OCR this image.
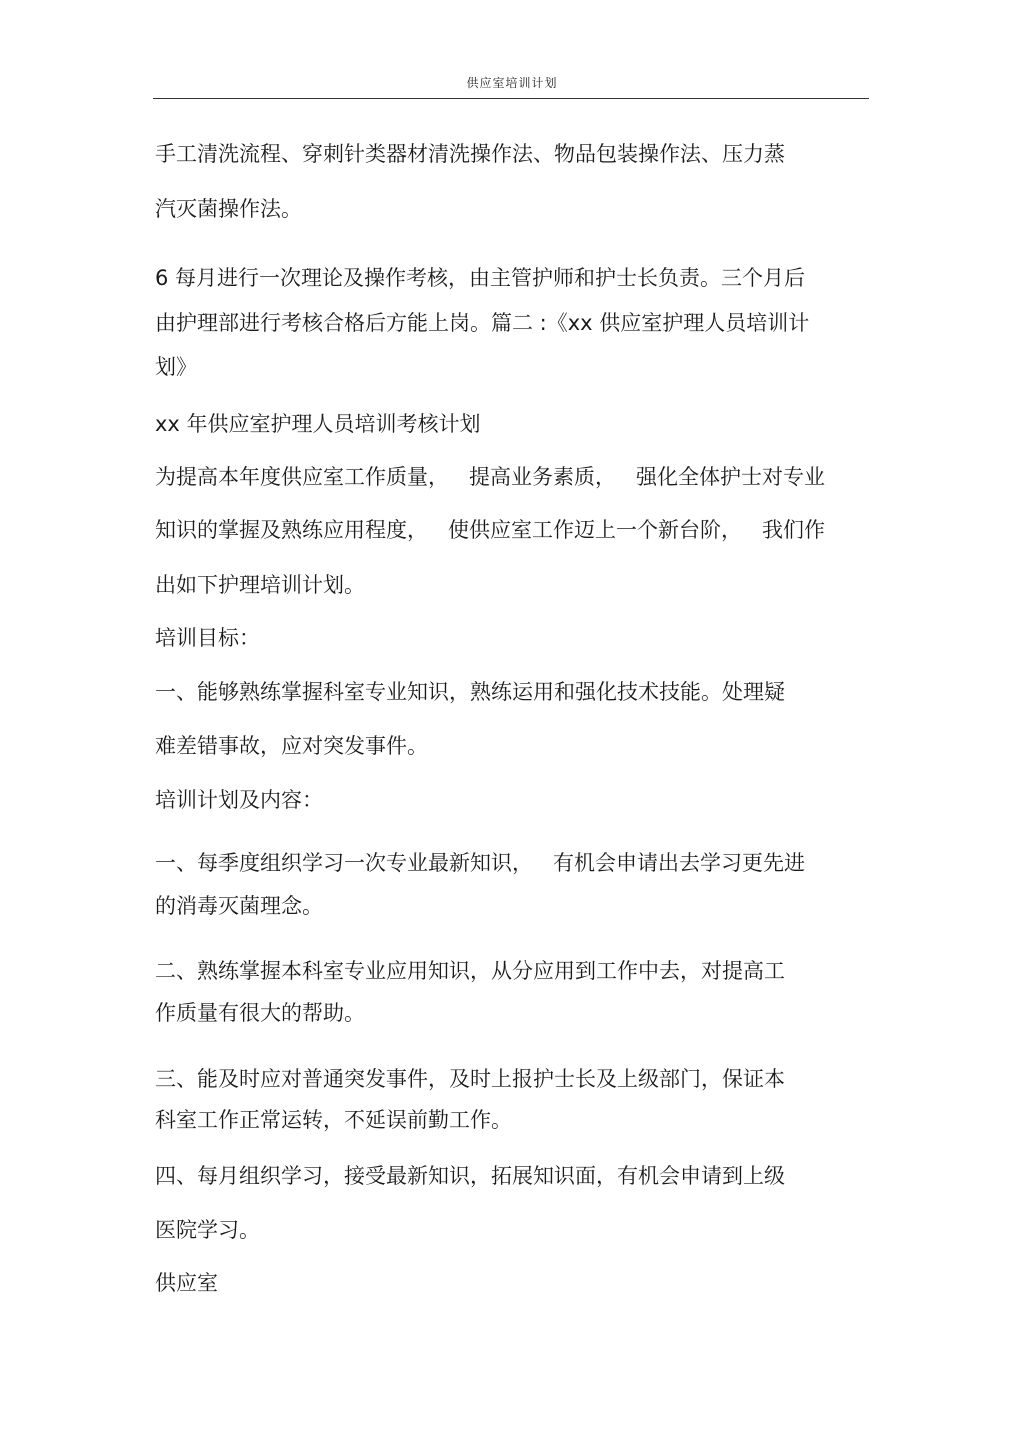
供应室培训计划
手工清洗流程、穿刺针类器材清洗操作法、物品包装操作法、压力蒸
汽灭菌操作法。
6 每月进行一次理论及操作考核，由主管护师和护士长负责。三个月后
由护理部进行考核合格后方能上岗。篇二 :《xx 供应室护理人员培训计
划》
xx 年供应室护理人员培训考核计划
为提高本年度供应室工作质量，   提高业务素质，   强化全体护士对专业
知识的掌握及熟练应用程度，   使供应室工作迈上一个新台阶，   我们作
出如下护理培训计划。
培训目标：
一、能够熟练掌握科室专业知识，熟练运用和强化技术技能。处理疑
难差错事故，应对突发事件。
培训计划及内容：
一、每季度组织学习一次专业最新知识，   有机会申请出去学习更先进
的消毒灭菌理念。
二、熟练掌握本科室专业应用知识，从分应用到工作中去，对提高工
作质量有很大的帮助。
三、能及时应对普通突发事件，及时上报护士长及上级部门，保证本
科室工作正常运转，不延误前勤工作。
四、每月组织学习，接受最新知识，拓展知识面，有机会申请到上级
医院学习。
供应室
